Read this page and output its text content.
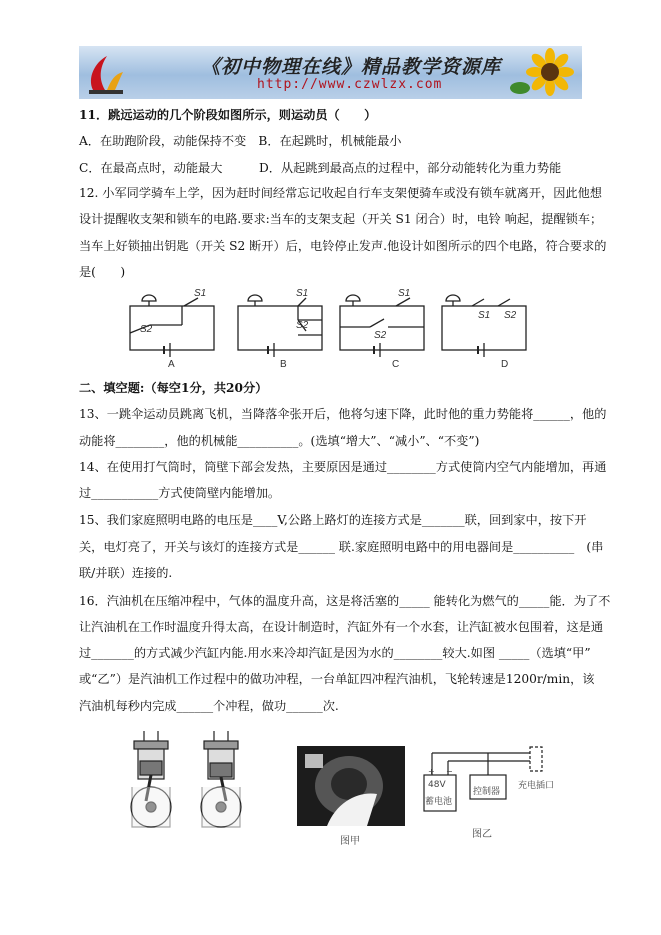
《初中物理在线》精品教学资源库
http://www.czwlzx.com
11．跳远运动的几个阶段如图所示，则运动员（　　）
A．在助跑阶段，动能保持不变　B．在起跳时，机械能最小
C．在最高点时，动能最大　　　D．从起跳到最高点的过程中，部分动能转化为重力势能
12. 小军同学骑车上学，因为赶时间经常忘记收起自行车支架便骑车或没有锁车就离开，因此他想
设计提醒收支架和锁车的电路.要求:当车的支架支起（开关 S1 闭合）时，电铃 响起，提醒锁车；
当车上好锁抽出钥匙（开关 S2 断开）后，电铃停止发声.他设计如图所示的四个电路，符合要求的
是(　　)
S1
S2
S1
S2
S1
S2
S1 S2
A	B	C	D
二、填空题:（每空1分，共20分）
13、一跳伞运动员跳离飞机，当降落伞张开后，他将匀速下降，此时他的重力势能将______，他的
动能将________，他的机械能__________。(选填“增大”、“减小”、“不变”)
14、在使用打气筒时，筒壁下部会发热，主要原因是通过________方式使筒内空气内能增加，再通
过___________方式使筒壁内能增加。
15、我们家庭照明电路的电压是____V,公路上路灯的连接方式是_______联，回到家中，按下开
关，电灯亮了，开关与该灯的连接方式是______ 联.家庭照明电路中的用电器间是__________　(串
联/并联）连接的.
16．汽油机在压缩冲程中，气体的温度升高，这是将活塞的_____ 能转化为燃气的_____能．为了不
让汽油机在工作时温度升得太高，在设计制造时，汽缸外有一个水套，让汽缸被水包围着，这是通
过_______的方式减少汽缸内能.用水来冷却汽缸是因为水的________较大.如图 _____（选填“甲”
或“乙”）是汽油机工作过程中的做功冲程，一台单缸四冲程汽油机，飞轮转速是1200r/min，该
汽油机每秒内完成______个冲程，做功______次.
图甲
+ −
48V
蓄电池
控制器
充电插口
图乙
